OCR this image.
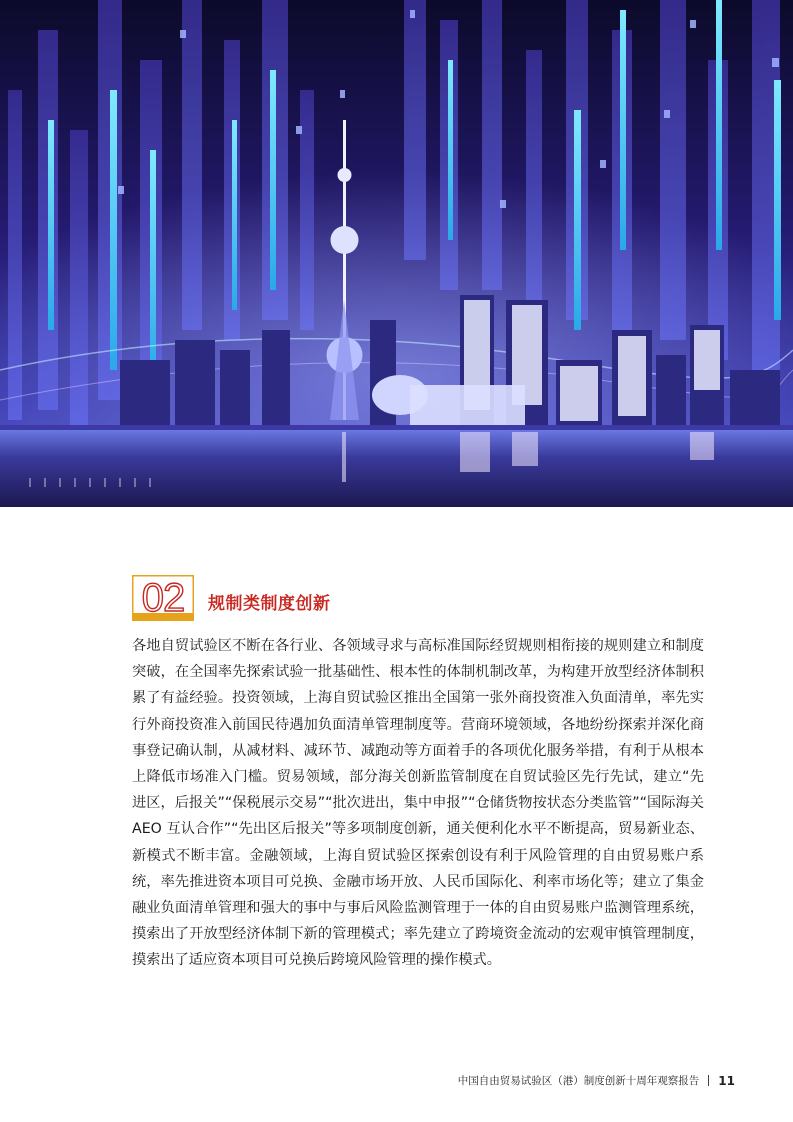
02 规制类制度创新

各地自贸试验区不断在各行业、各领域寻求与高标准国际经贸规则相衔接的规则建立和制度突破，在全国率先探索试验一批基础性、根本性的体制机制改革，为构建开放型经济体制积累了有益经验。投资领域，上海自贸试验区推出全国第一张外商投资准入负面清单，率先实行外商投资准入前国民待遇加负面清单管理制度等。营商环境领域，各地纷纷探索并深化商事登记确认制，从减材料、减环节、减跑动等方面着手的各项优化服务举措，有利于从根本上降低市场准入门槛。贸易领域，部分海关创新监管制度在自贸试验区先行先试，建立“先进区，后报关”“保税展示交易”“批次进出，集中申报”“仓储货物按状态分类监管”“国际海关 AEO 互认合作”“先出区后报关”等多项制度创新，通关便利化水平不断提高，贸易新业态、新模式不断丰富。金融领域，上海自贸试验区探索创设有利于风险管理的自由贸易账户系统，率先推进资本项目可兑换、金融市场开放、人民币国际化、利率市场化等；建立了集金融业负面清单管理和强大的事中与事后风险监测管理于一体的自由贸易账户监测管理系统，摸索出了开放型经济体制下新的管理模式；率先建立了跨境资金流动的宏观审慎管理制度，摸索出了适应资本项目可兑换后跨境风险管理的操作模式。

中国自由贸易试验区（港）制度创新十周年观察报告 11
